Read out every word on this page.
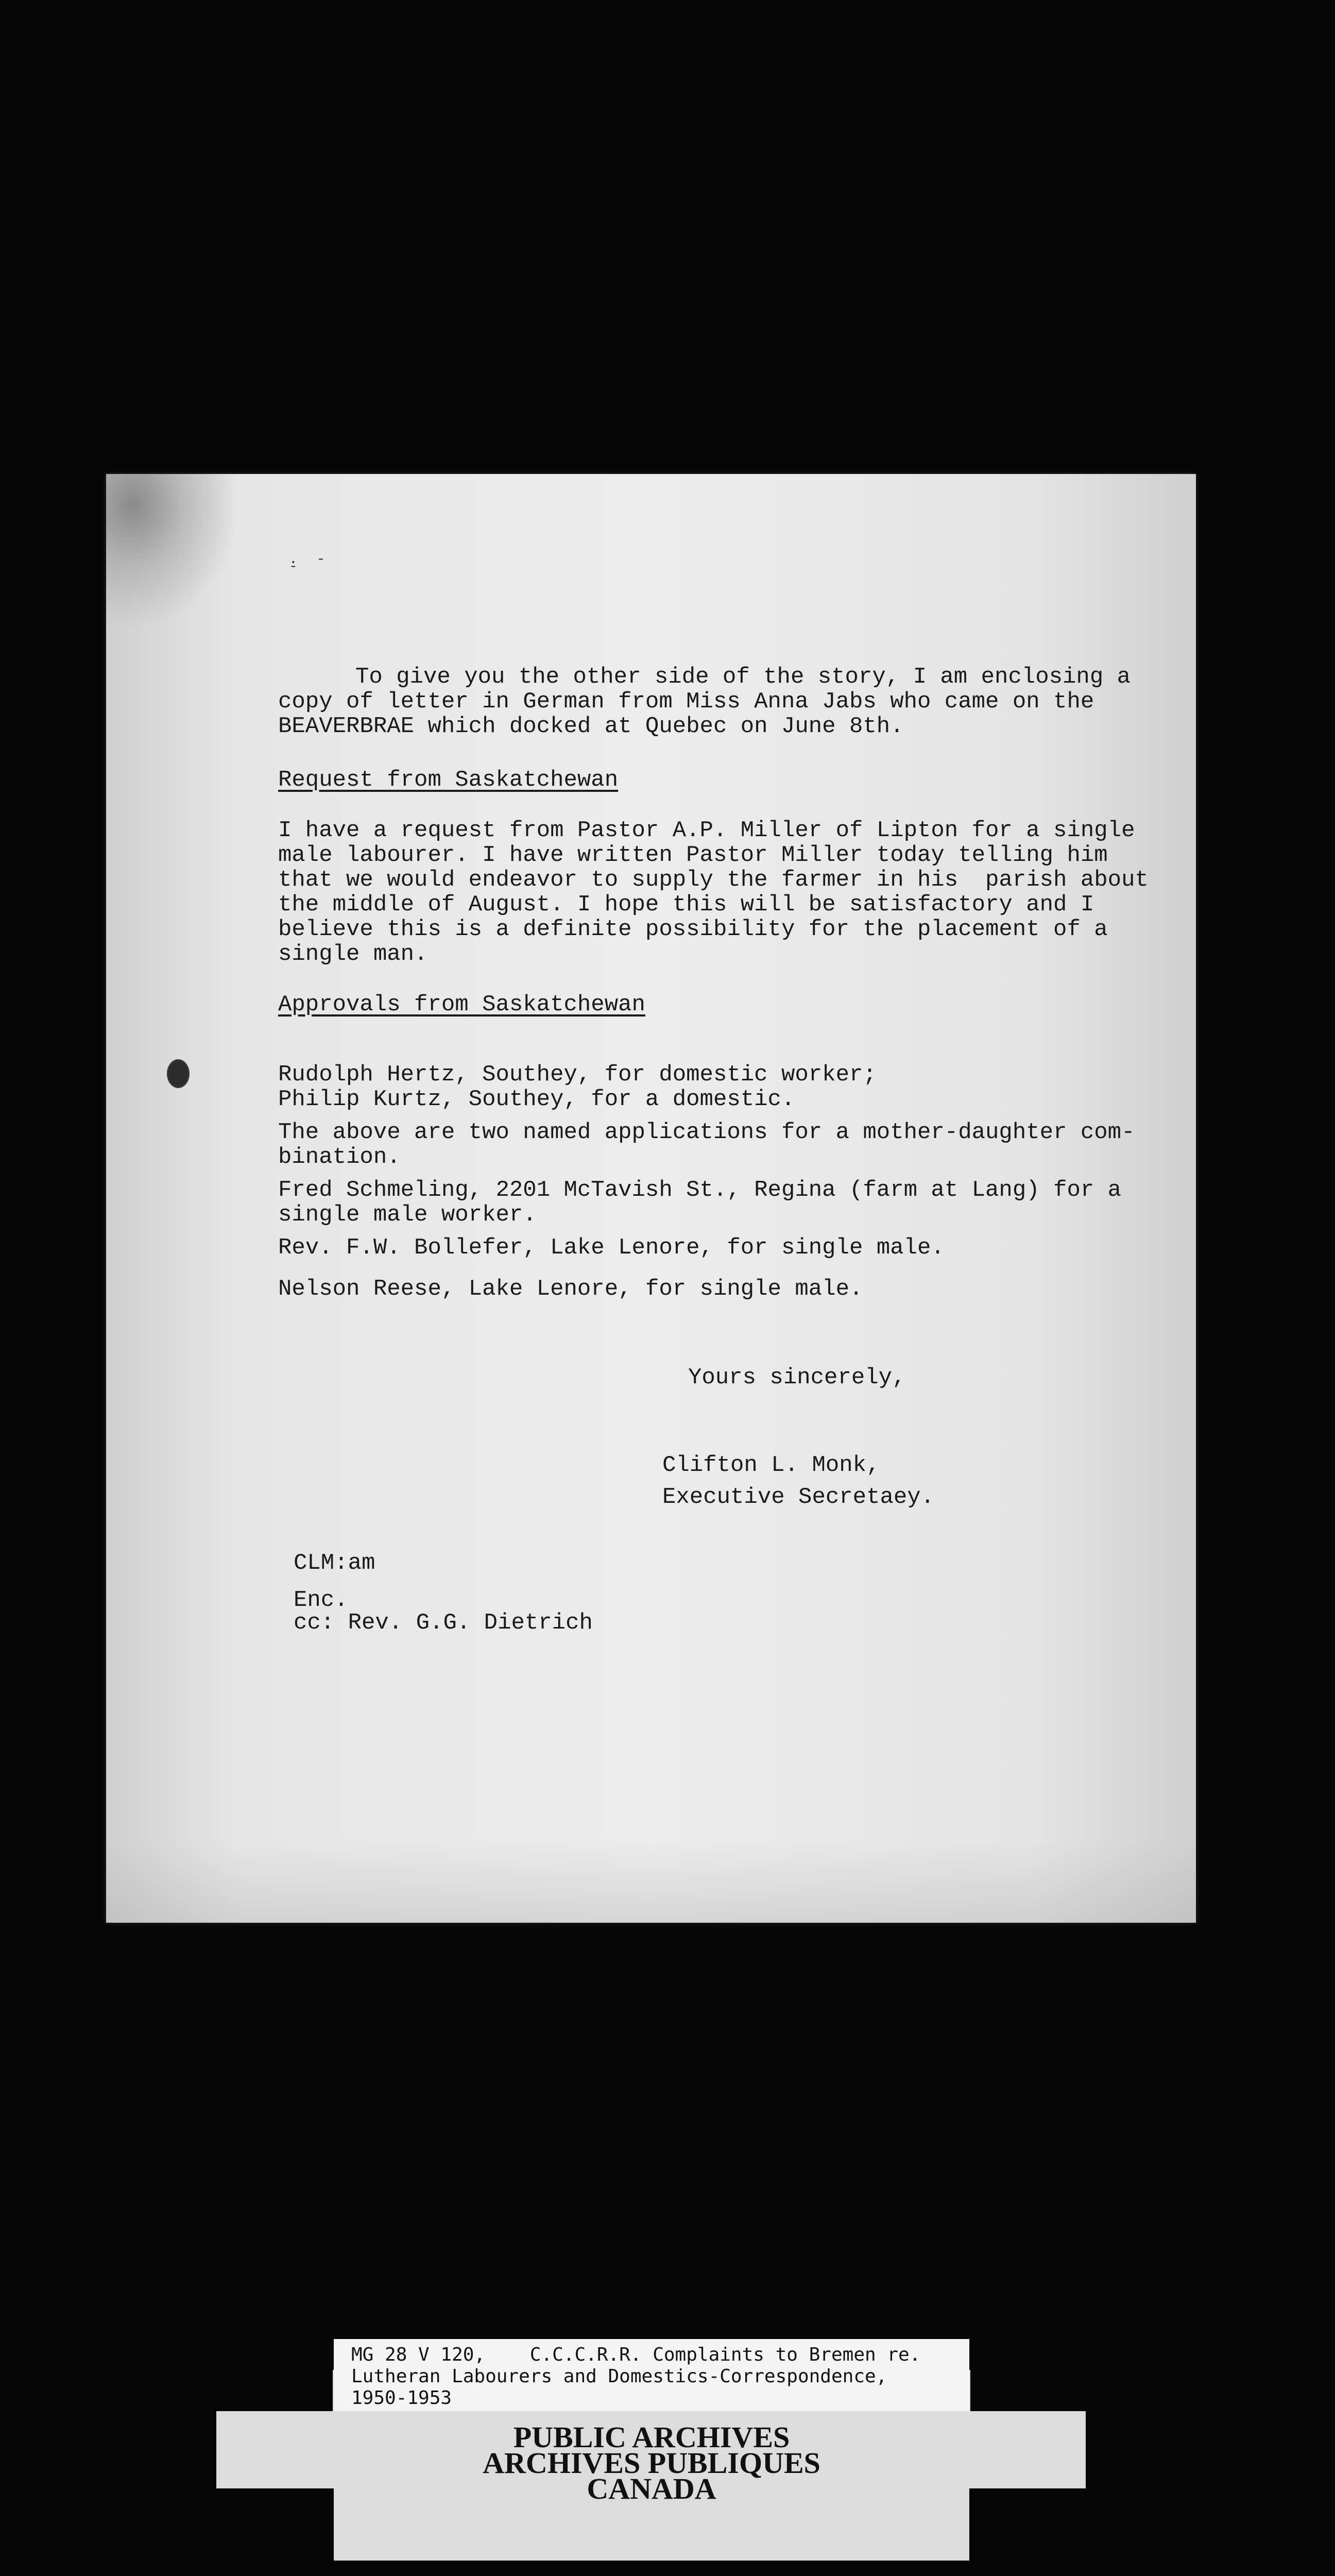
. - -
To give you the other side of the story, I am enclosing a
copy of letter in German from Miss Anna Jabs who came on the
BEAVERBRAE which docked at Quebec on June 8th.
Request from Saskatchewan
I have a request from Pastor A.P. Miller of Lipton for a single
male labourer. I have written Pastor Miller today telling him
that we would endeavor to supply the farmer in his  parish about
the middle of August. I hope this will be satisfactory and I
believe this is a definite possibility for the placement of a
single man.
Approvals from Saskatchewan
Rudolph Hertz, Southey, for domestic worker;
Philip Kurtz, Southey, for a domestic.
The above are two named applications for a mother-daughter com-
bination.
Fred Schmeling, 2201 McTavish St., Regina (farm at Lang) for a
single male worker.
Rev. F.W. Bollefer, Lake Lenore, for single male.
Nelson Reese, Lake Lenore, for single male.
Yours sincerely,
Clifton L. Monk,
Executive Secretaey.
CLM:am
Enc.
cc: Rev. G.G. Dietrich
MG 28 V 120,    C.C.C.R.R. Complaints to Bremen re.
Lutheran Labourers and Domestics-Correspondence,
1950-1953
PUBLIC ARCHIVES
ARCHIVES PUBLIQUES
CANADA
